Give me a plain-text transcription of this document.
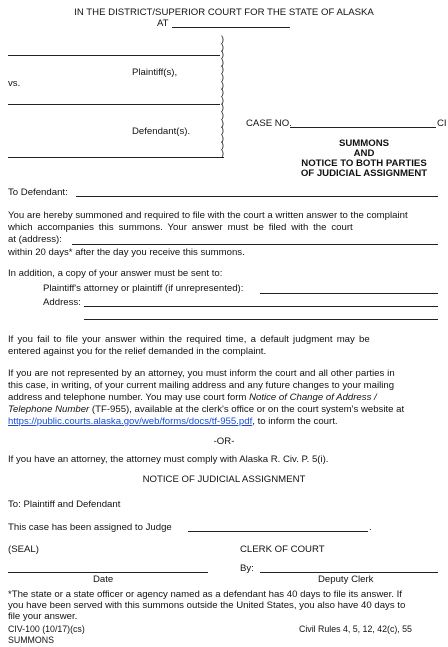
IN THE DISTRICT/SUPERIOR COURT FOR THE STATE OF ALASKA
AT
Plaintiff(s),
vs.
Defendant(s).
)
)
)
)
)
)
)
)
)
)
)
)
)
)
)
)
CASE NO.	CI
SUMMONS
AND
NOTICE TO BOTH PARTIES
OF JUDICIAL ASSIGNMENT
To Defendant:
You are hereby summoned and required to file with the court a written answer to the complaint
which accompanies this summons. Your answer must be filed with the court
at (address):
within 20 days* after the day you receive this summons.
In addition, a copy of your answer must be sent to:
Plaintiff's attorney or plaintiff (if unrepresented):
Address:
If you fail to file your answer within the required time, a default judgment may be
entered against you for the relief demanded in the complaint.
If you are not represented by an attorney, you must inform the court and all other parties in
this case, in writing, of your current mailing address and any future changes to your mailing
address and telephone number. You may use court form Notice of Change of Address /
Telephone Number (TF-955), available at the clerk's office or on the court system's website at
https://public.courts.alaska.gov/web/forms/docs/tf-955.pdf, to inform the court.
-OR-
If you have an attorney, the attorney must comply with Alaska R. Civ. P. 5(i).
NOTICE OF JUDICIAL ASSIGNMENT
To: Plaintiff and Defendant
This case has been assigned to Judge	.
(SEAL)	CLERK OF COURT
By:
Date	Deputy Clerk
*The state or a state officer or agency named as a defendant has 40 days to file its answer. If
you have been served with this summons outside the United States, you also have 40 days to
file your answer.
CIV-100 (10/17)(cs)
SUMMONS
Civil Rules 4, 5, 12, 42(c), 55
